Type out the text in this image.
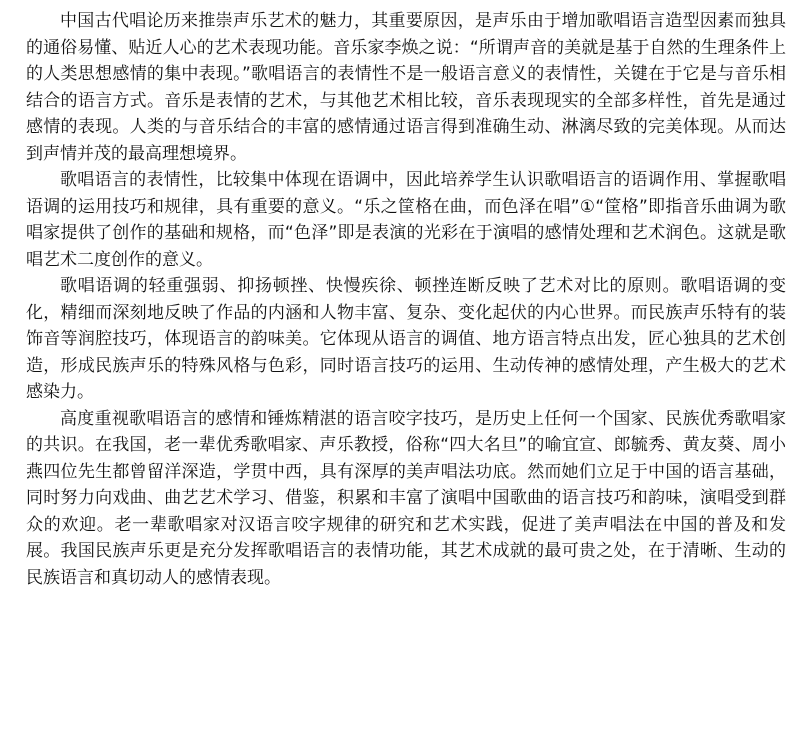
中国古代唱论历来推崇声乐艺术的魅力，其重要原因，是声乐由于增加歌唱语言造型因素而独具的通俗易懂、贴近人心的艺术表现功能。音乐家李焕之说：“所谓声音的美就是基于自然的生理条件上的人类思想感情的集中表现。”歌唱语言的表情性不是一般语言意义的表情性，关键在于它是与音乐相结合的语言方式。音乐是表情的艺术，与其他艺术相比较，音乐表现现实的全部多样性，首先是通过感情的表现。人类的与音乐结合的丰富的感情通过语言得到准确生动、淋漓尽致的完美体现。从而达到声情并茂的最高理想境界。

歌唱语言的表情性，比较集中体现在语调中，因此培养学生认识歌唱语言的语调作用、掌握歌唱语调的运用技巧和规律，具有重要的意义。“乐之筐格在曲，而色泽在唱”①“筐格”即指音乐曲调为歌唱家提供了创作的基础和规格，而“色泽”即是表演的光彩在于演唱的感情处理和艺术润色。这就是歌唱艺术二度创作的意义。

歌唱语调的轻重强弱、抑扬顿挫、快慢疾徐、顿挫连断反映了艺术对比的原则。歌唱语调的变化，精细而深刻地反映了作品的内涵和人物丰富、复杂、变化起伏的内心世界。而民族声乐特有的装饰音等润腔技巧，体现语言的韵味美。它体现从语言的调值、地方语言特点出发，匠心独具的艺术创造，形成民族声乐的特殊风格与色彩，同时语言技巧的运用、生动传神的感情处理，产生极大的艺术感染力。

高度重视歌唱语言的感情和锤炼精湛的语言咬字技巧，是历史上任何一个国家、民族优秀歌唱家的共识。在我国，老一辈优秀歌唱家、声乐教授，俗称“四大名旦”的喻宜宣、郎毓秀、黄友葵、周小燕四位先生都曾留洋深造，学贯中西，具有深厚的美声唱法功底。然而她们立足于中国的语言基础，同时努力向戏曲、曲艺艺术学习、借鉴，积累和丰富了演唱中国歌曲的语言技巧和韵味，演唱受到群众的欢迎。老一辈歌唱家对汉语言咬字规律的研究和艺术实践，促进了美声唱法在中国的普及和发展。我国民族声乐更是充分发挥歌唱语言的表情功能，其艺术成就的最可贵之处，在于清晰、生动的民族语言和真切动人的感情表现。
